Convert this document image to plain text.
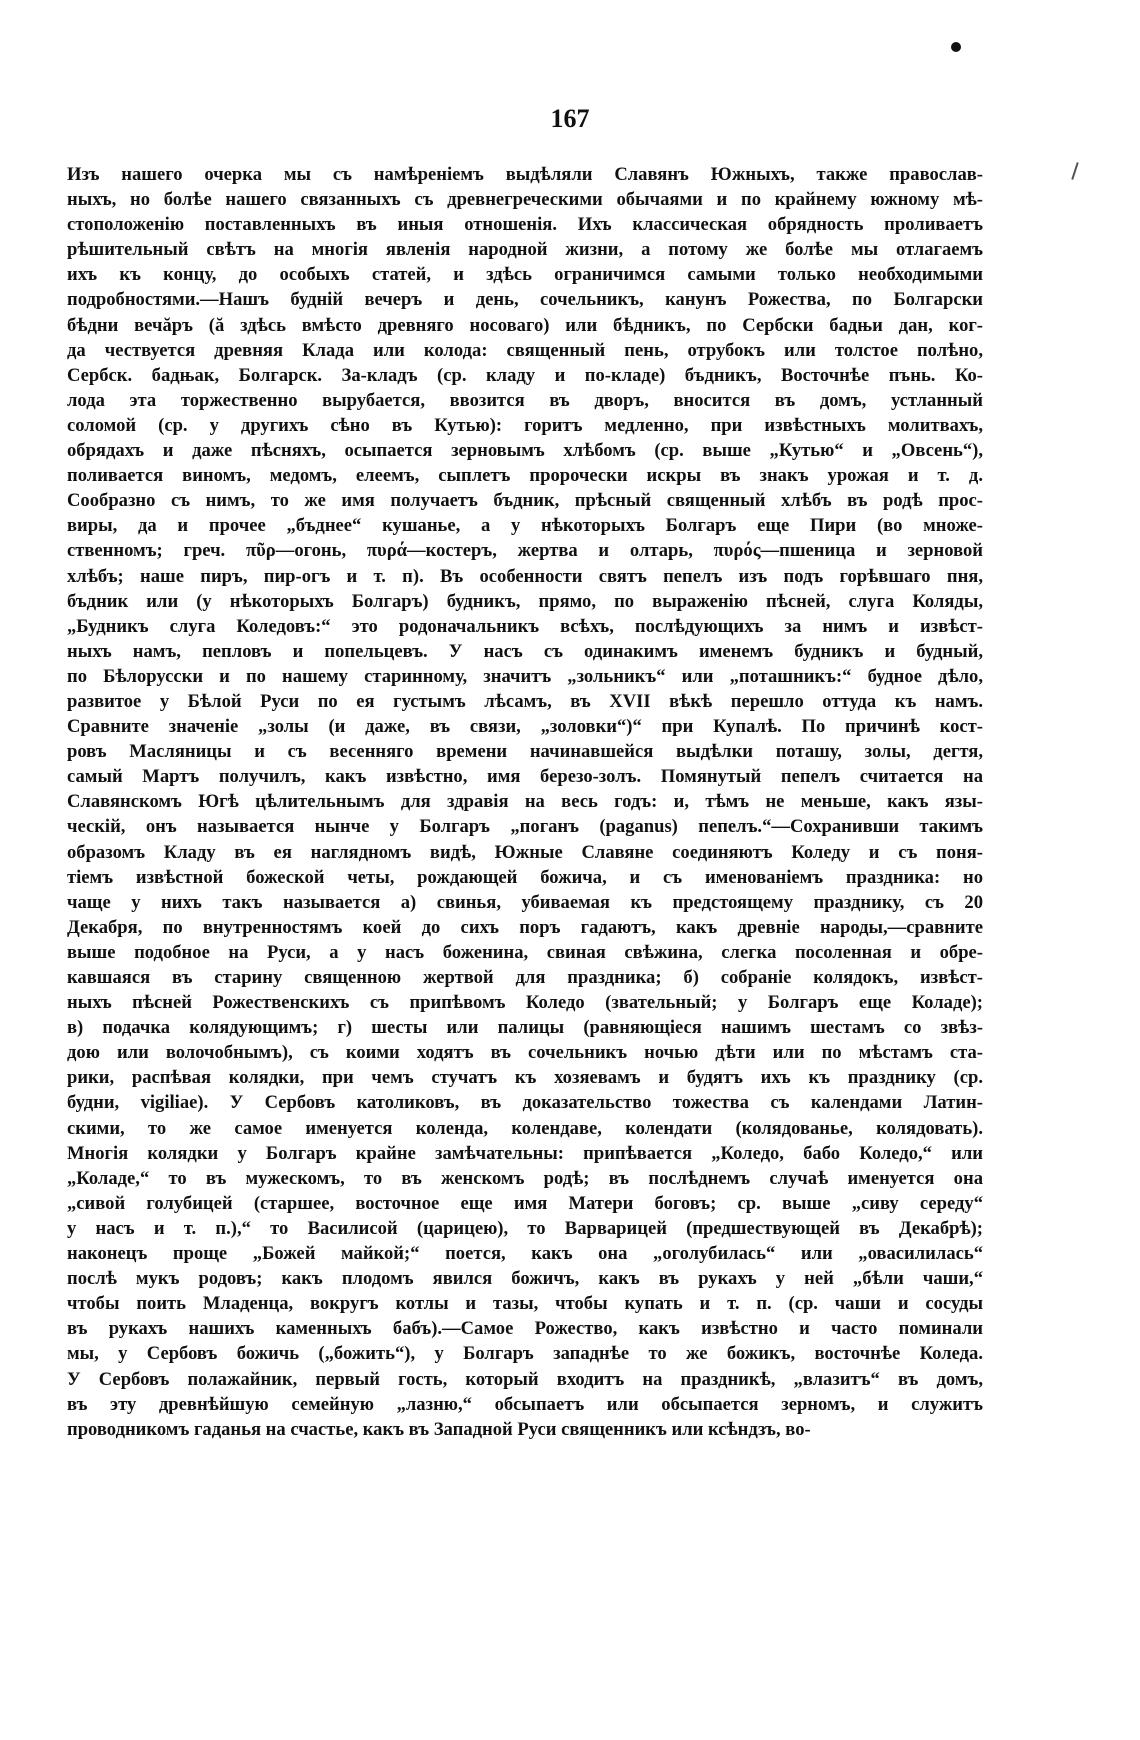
167
Изъ нашего очерка мы съ намѣреніемъ выдѣляли Славянъ Южныхъ, также православ-
ныхъ, но болѣе нашего связанныхъ съ древнегреческими обычаями и по крайнему южному мѣ-
стоположенію поставленныхъ въ иныя отношенія. Ихъ классическая обрядность проливаетъ
рѣшительный свѣтъ на многія явленія народной жизни, а потому же болѣе мы отлагаемъ
ихъ къ концу, до особыхъ статей, и здѣсь ограничимся самыми только необходимыми
подробностями.—Нашъ будній вечеръ и день, сочельникъ, канунъ Рожества, по Болгарски
бѣдни вечăръ (ă здѣсь вмѣсто древняго носоваго) или бѣдникъ, по Сербски бадњи дан, ког-
да чествуется древняя Клада или колода: священный пень, отрубокъ или толстое полѣно,
Сербск. бадњак, Болгарск. За-кладъ (ср. кладу и по-кладе) бъдникъ, Восточнѣе пънь. Ко-
лода эта торжественно вырубается, ввозится въ дворъ, вносится въ домъ, устланный
соломой (ср. у другихъ сѣно въ Кутью): горитъ медленно, при извѣстныхъ молитвахъ,
обрядахъ и даже пѣсняхъ, осыпается зерновымъ хлѣбомъ (ср. выше „Кутью“ и „Овсень“),
поливается виномъ, медомъ, елеемъ, сыплетъ пророчески искры въ знакъ урожая и т. д.
Сообразно съ нимъ, то же имя получаетъ бъдник, прѣсный священный хлѣбъ въ родѣ прос-
виры, да и прочее „бъднее“ кушанье, а у нѣкоторыхъ Болгаръ еще Пири (во множе-
ственномъ; греч. πῦρ—огонь, πυρά—костеръ, жертва и олтарь, πυρός—пшеница и зерновой
хлѣбъ; наше пиръ, пир-огъ и т. п). Въ особенности святъ пепелъ изъ подъ горѣвшаго пня,
бъдник или (у нѣкоторыхъ Болгаръ) будникъ, прямо, по выраженію пѣсней, слуга Коляды,
„Будникъ слуга Коледовъ:“ это родоначальникъ всѣхъ, послѣдующихъ за нимъ и извѣст-
ныхъ намъ, пепловъ и попельцевъ. У насъ съ одинакимъ именемъ будникъ и будный,
по Бѣлорусски и по нашему старинному, значитъ „зольникъ“ или „поташникъ:“ будное дѣло,
развитое у Бѣлой Руси по ея густымъ лѣсамъ, въ XVII вѣкѣ перешло оттуда къ намъ.
Сравните значеніе „золы (и даже, въ связи, „золовки“)“ при Купалѣ. По причинѣ кост-
ровъ Масляницы и съ весенняго времени начинавшейся выдѣлки поташу, золы, дегтя,
самый Мартъ получилъ, какъ извѣстно, имя березо-золъ. Помянутый пепелъ считается на
Славянскомъ Югѣ цѣлительнымъ для здравія на весь годъ: и, тѣмъ не меньше, какъ язы-
ческій, онъ называется нынче у Болгаръ „поганъ (paganus) пепелъ.“—Сохранивши такимъ
образомъ Кладу въ ея наглядномъ видѣ, Южные Славяне соединяютъ Коледу и съ поня-
тіемъ извѣстной божеской четы, рождающей божича, и съ именованіемъ праздника: но
чаще у нихъ такъ называется а) свинья, убиваемая къ предстоящему празднику, съ 20
Декабря, по внутренностямъ коей до сихъ поръ гадаютъ, какъ древніе народы,—сравните
выше подобное на Руси, а у насъ боженина, свиная свѣжина, слегка посоленная и обре-
кавшаяся въ старину священною жертвой для праздника; б) собраніе колядокъ, извѣст-
ныхъ пѣсней Рожественскихъ съ припѣвомъ Коледо (звательный; у Болгаръ еще Коладе);
в) подачка колядующимъ; г) шесты или палицы (равняющіеся нашимъ шестамъ со звѣз-
дою или волочобнымъ), съ коими ходятъ въ сочельникъ ночью дѣти или по мѣстамъ ста-
рики, распѣвая колядки, при чемъ стучатъ къ хозяевамъ и будятъ ихъ къ празднику (ср.
будни, vigiliae). У Сербовъ католиковъ, въ доказательство тожества съ календами Латин-
скими, то же самое именуется коленда, колендаве, колендати (колядованье, колядовать).
Многія колядки у Болгаръ крайне замѣчательны: припѣвается „Коледо, бабо Коледо,“ или
„Коладе,“ то въ мужескомъ, то въ женскомъ родѣ; въ послѣднемъ случаѣ именуется она
„сивой голубицей (старшее, восточное еще имя Матери боговъ; ср. выше „сиву середу“
у насъ и т. п.),“ то Василисой (царицею), то Варварицей (предшествующей въ Декабрѣ);
наконецъ проще „Божей майкой;“ поется, какъ она „оголубилась“ или „овасилилась“
послѣ мукъ родовъ; какъ плодомъ явился божичъ, какъ въ рукахъ у ней „бѣли чаши,“
чтобы поить Младенца, вокругъ котлы и тазы, чтобы купать и т. п. (ср. чаши и сосуды
въ рукахъ нашихъ каменныхъ бабъ).—Самое Рожество, какъ извѣстно и часто поминали
мы, у Сербовъ божичь („божить“), у Болгаръ западнѣе то же божикъ, восточнѣе Коледа.
У Сербовъ полажайник, первый гость, который входитъ на праздникѣ, „влазитъ“ въ домъ,
въ эту древнѣйшую семейную „лазню,“ обсыпаетъ или обсыпается зерномъ, и служитъ
проводникомъ гаданья на счастье, какъ въ Западной Руси священникъ или ксѣндзъ, во-
